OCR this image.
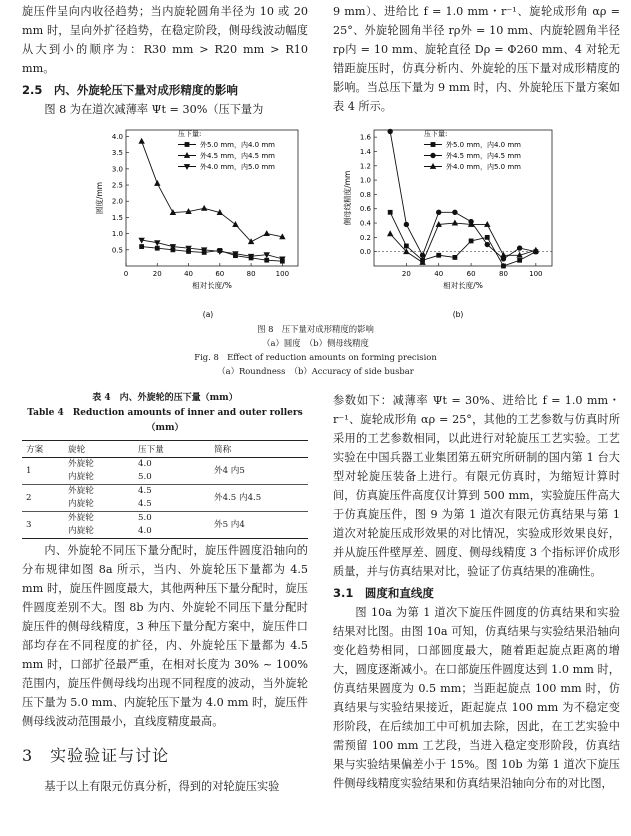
旋压件呈向内收径趋势；当内旋轮圆角半径为 10 或 20 mm 时，呈向外扩径趋势，在稳定阶段，侧母线波动幅度从大到小的顺序为：R30 mm > R20 mm > R10 mm。

2.5　内、外旋轮压下量对成形精度的影响

图 8 为在道次减薄率 Ψt = 30%（压下量为

9 mm）、进给比 f = 1.0 mm・r⁻¹、旋轮成形角 αρ = 25°、外旋轮圆角半径 rρ外 = 10 mm、内旋轮圆角半径 rρ内 = 10 mm、旋轮直径 Dρ = Φ260 mm、4 对轮无错距旋压时，仿真分析内、外旋轮的压下量对成形精度的影响。当总压下量为 9 mm 时，内、外旋轮压下量方案如表 4 所示。

0.5
1.0
1.5
2.0
2.5
3.0
3.5
4.0
0	20	40	60	80	100
相对长度/%
圆度/mm
压下量:
外5.0 mm，内4.0 mm
外4.5 mm，内4.5 mm
外4.0 mm，内5.0 mm
(a)
0.0
0.2
0.4
0.6
0.8
1.0
1.2
1.4
1.6
20	40	60	80	100
相对长度/%
侧母线精度/mm
压下量:
外5.0 mm，内4.0 mm
外4.5 mm，内4.5 mm
外4.0 mm，内5.0 mm
(b)
图 8　压下量对成形精度的影响
（a）圆度　（b）侧母线精度
Fig. 8　Effect of reduction amounts on forming precision
（a）Roundness　（b）Accuracy of side busbar
表 4　内、外旋轮的压下量（mm）
Table 4　Reduction amounts of inner and outer rollers（mm）
方案	旋轮	压下量	简称
1	外旋轮	4.0	外4 内5
	内旋轮	5.0	
2	外旋轮	4.5	外4.5 内4.5
	内旋轮	4.5	
3	外旋轮	5.0	外5 内4
	内旋轮	4.0	

内、外旋轮不同压下量分配时，旋压件圆度沿轴向的分布规律如图 8a 所示，当内、外旋轮压下量都为 4.5 mm 时，旋压件圆度最大，其他两种压下量分配时，旋压件圆度差别不大。图 8b 为内、外旋轮不同压下量分配时旋压件的侧母线精度，3 种压下量分配方案中，旋压件口部均存在不同程度的扩径，内、外旋轮压下量都为 4.5 mm 时，口部扩径最严重，在相对长度为 30% ~ 100% 范围内，旋压件侧母线均出现不同程度的波动，当外旋轮压下量为 5.0 mm、内旋轮压下量为 4.0 mm 时，旋压件侧母线波动范围最小，直线度精度最高。

3　实验验证与讨论

基于以上有限元仿真分析，得到的对轮旋压实验

参数如下：减薄率 Ψt = 30%、进给比 f = 1.0 mm・r⁻¹、旋轮成形角 αρ = 25°，其他的工艺参数与仿真时所采用的工艺参数相同，以此进行对轮旋压工艺实验。工艺实验在中国兵器工业集团第五研究所研制的国内第 1 台大型对轮旋压装备上进行。有限元仿真时，为缩短计算时间，仿真旋压件高度仅计算到 500 mm，实验旋压件高大于仿真旋压件，图 9 为第 1 道次有限元仿真结果与第 1 道次对轮旋压成形效果的对比情况，实验成形效果良好，并从旋压件壁厚差、圆度、侧母线精度 3 个指标评价成形质量，并与仿真结果对比，验证了仿真结果的准确性。

3.1　圆度和直线度

图 10a 为第 1 道次下旋压件圆度的仿真结果和实验结果对比图。由图 10a 可知，仿真结果与实验结果沿轴向变化趋势相同，口部圆度最大，随着距起旋点距离的增大，圆度逐渐减小。在口部旋压件圆度达到 1.0 mm 时，仿真结果圆度为 0.5 mm；当距起旋点 100 mm 时，仿真结果与实验结果接近，距起旋点 100 mm 为不稳定变形阶段，在后续加工中可机加去除，因此，在工艺实验中需预留 100 mm 工艺段，当进入稳定变形阶段，仿真结果与实验结果偏差小于 15%。图 10b 为第 1 道次下旋压件侧母线精度实验结果和仿真结果沿轴向分布的对比图，
